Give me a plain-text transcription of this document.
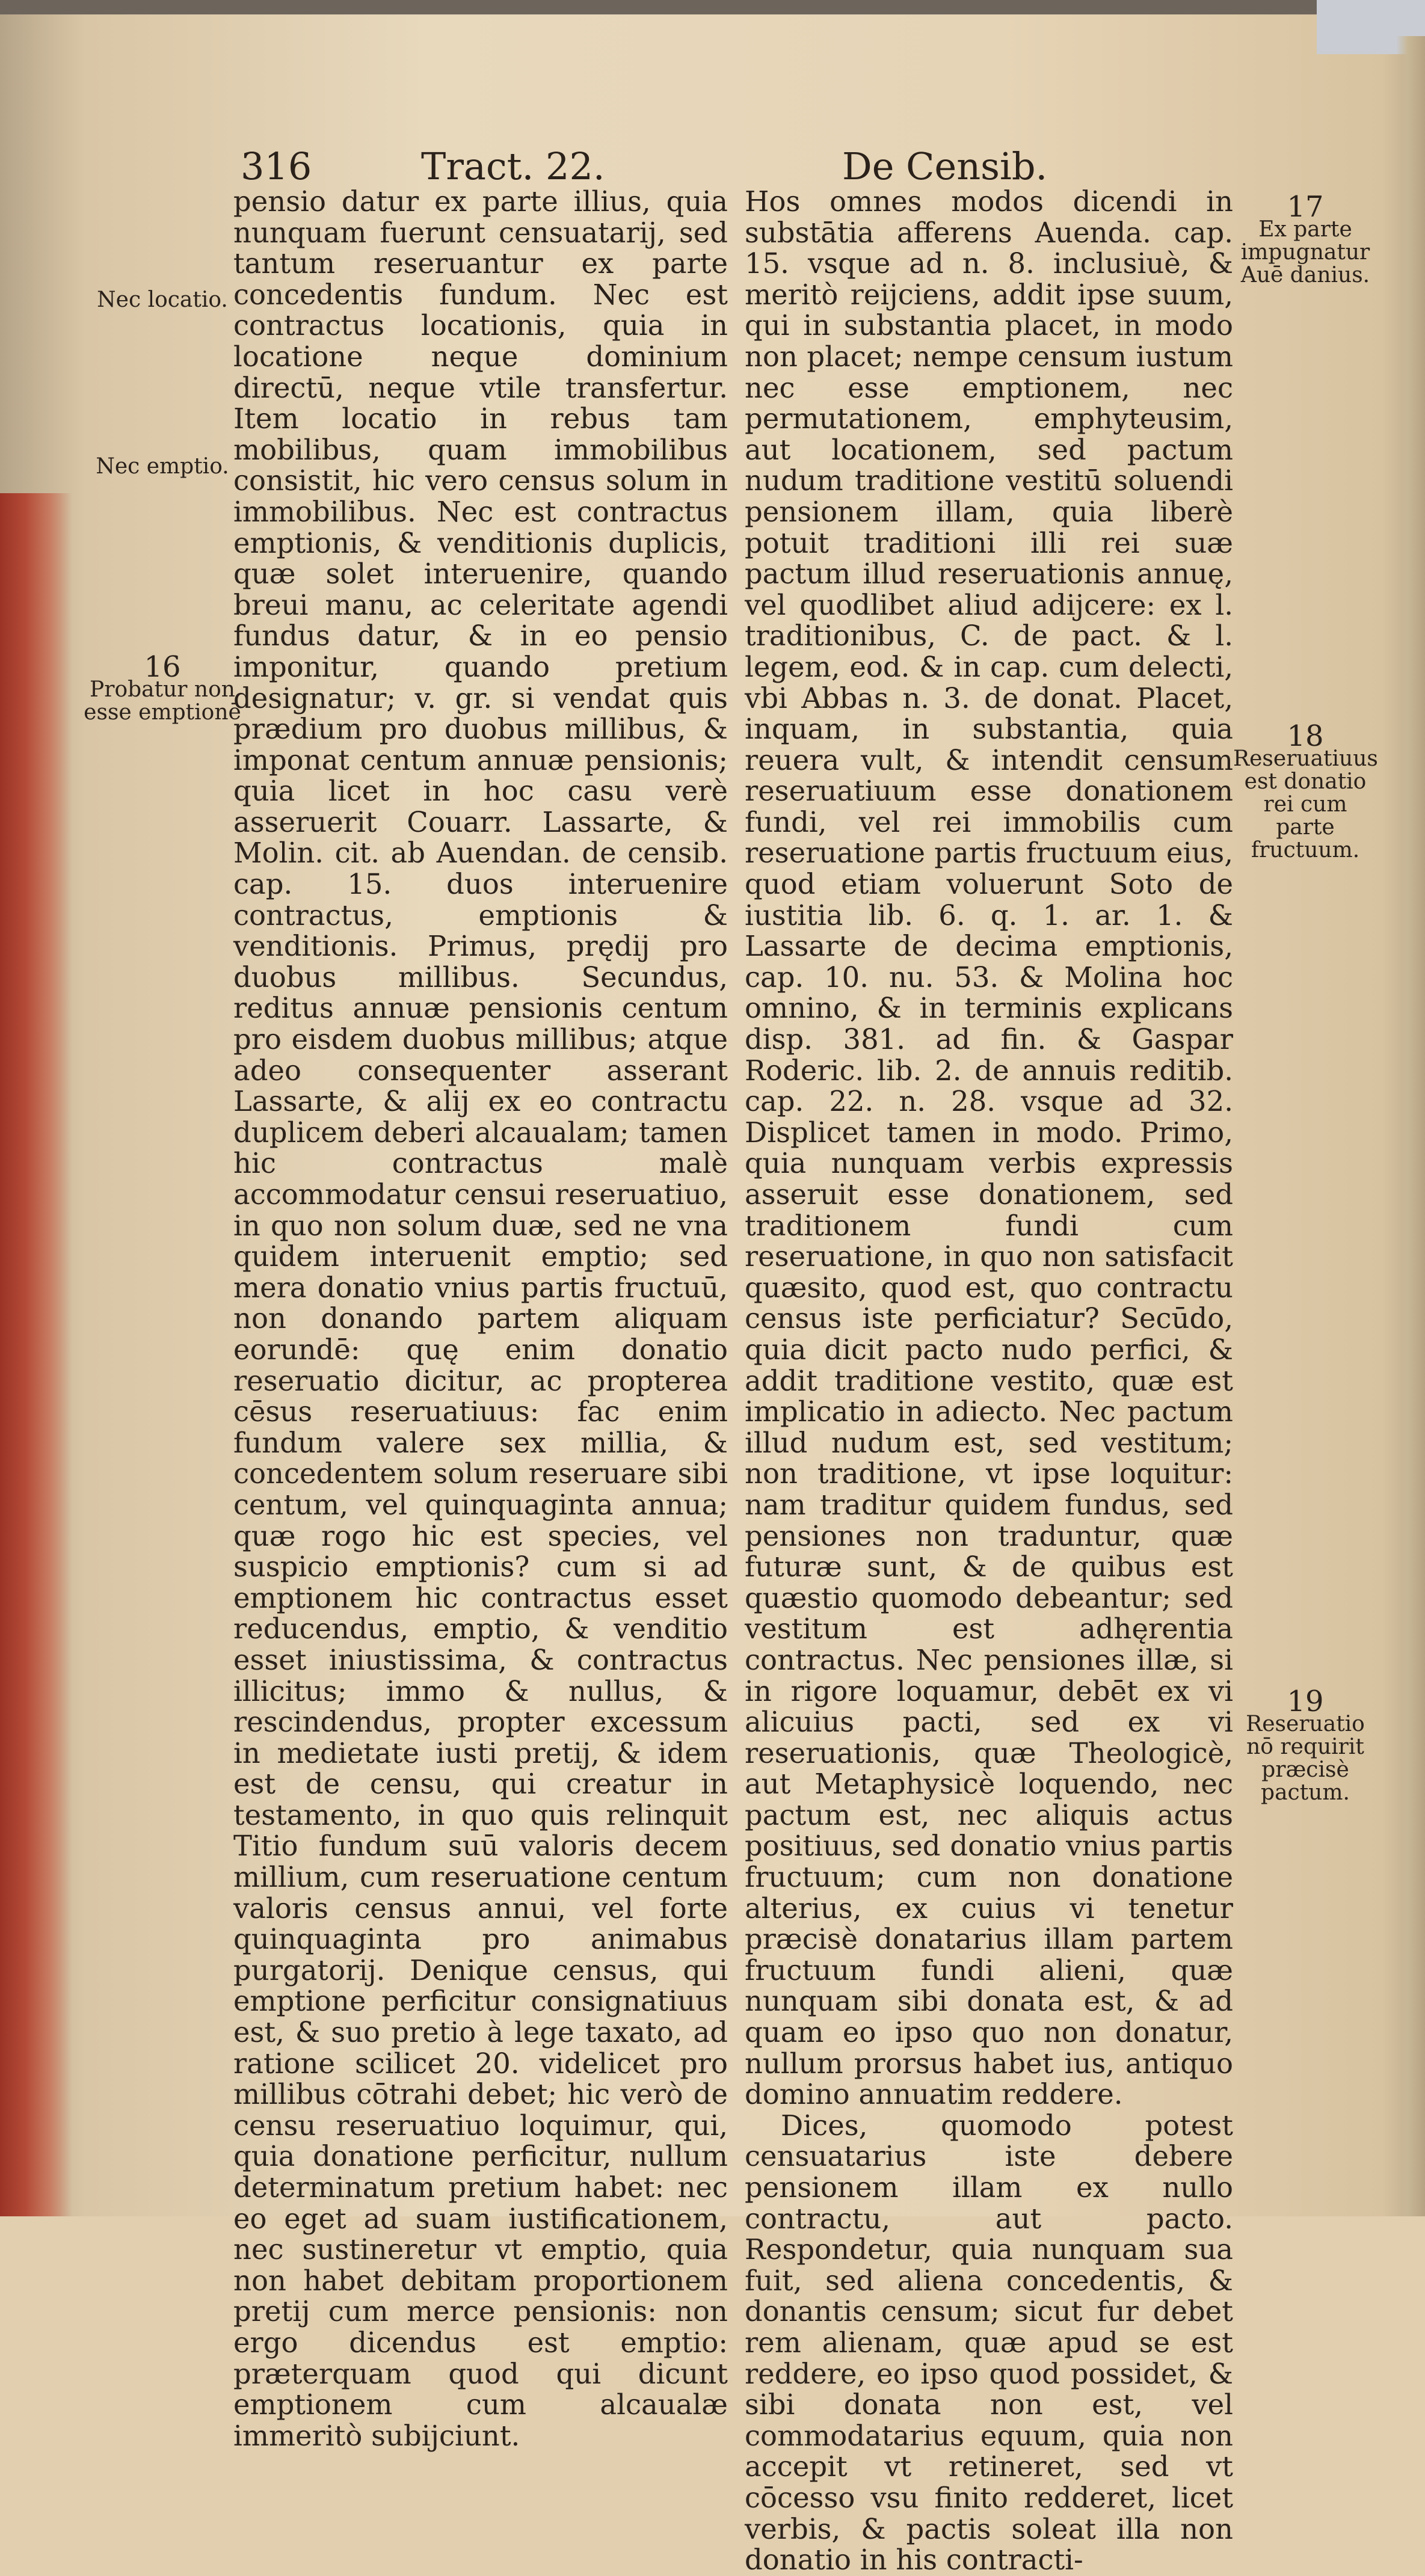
316	Tract. 22.	De Censib.

pensio datur ex parte illius, quia nunquam fuerunt censuatarij, sed tantum reseruantur ex parte concedentis fundum. Nec est contractus locationis, quia in locatione neque dominium directū, neque vtile transfertur. Item locatio in rebus tam mobilibus, quam immobilibus consistit, hic vero census solum in immobilibus. Nec est contractus emptionis, & venditionis duplicis, quæ solet interuenire, quando breui manu, ac celeritate agendi fundus datur, & in eo pensio imponitur, quando pretium designatur; v. gr. si vendat quis prædium pro duobus millibus, & imponat centum annuæ pensionis; quia licet in hoc casu verè asseruerit Couarr. Lassarte, & Molin. cit. ab Auendan. de censib. cap. 15. duos interuenire contractus, emptionis & venditionis. Primus, prędij pro duobus millibus. Secundus, reditus annuæ pensionis centum pro eisdem duobus millibus; atque adeo consequenter asserant Lassarte, & alij ex eo contractu duplicem deberi alcaualam; tamen hic contractus malè accommodatur censui reseruatiuo, in quo non solum duæ, sed ne vna quidem interuenit emptio; sed mera donatio vnius partis fructuū, non donando partem aliquam eorundē: quę enim donatio reseruatio dicitur, ac propterea cēsus reseruatiuus: fac enim fundum valere sex millia, & concedentem solum reseruare sibi centum, vel quinquaginta annua; quæ rogo hic est species, vel suspicio emptionis? cum si ad emptionem hic contractus esset reducendus, emptio, & venditio esset iniustissima, & contractus illicitus; immo & nullus, & rescindendus, propter excessum in medietate iusti pretij, & idem est de censu, qui creatur in testamento, in quo quis relinquit Titio fundum suū valoris decem millium, cum reseruatione centum valoris census annui, vel forte quinquaginta pro animabus purgatorij. Denique census, qui emptione perficitur consignatiuus est, & suo pretio à lege taxato, ad ratione scilicet 20. videlicet pro millibus cōtrahi debet; hic verò de censu reseruatiuo loquimur, qui, quia donatione perficitur, nullum determinatum pretium habet: nec eo eget ad suam iustificationem, nec sustineretur vt emptio, quia non habet debitam proportionem pretij cum merce pensionis: non ergo dicendus est emptio: præterquam quod qui dicunt emptionem cum alcaualæ immeritò subijciunt.

Hos omnes modos dicendi in substātia afferens Auenda. cap. 15. vsque ad n. 8. inclusiuè, & meritò reijciens, addit ipse suum, qui in substantia placet, in modo non placet; nempe censum iustum nec esse emptionem, nec permutationem, emphyteusim, aut locationem, sed pactum nudum traditione vestitū soluendi pensionem illam, quia liberè potuit traditioni illi rei suæ pactum illud reseruationis annuę, vel quodlibet aliud adijcere: ex l. traditionibus, C. de pact. & l. legem, eod. & in cap. cum delecti, vbi Abbas n. 3. de donat. Placet, inquam, in substantia, quia reuera vult, & intendit censum reseruatiuum esse donationem fundi, vel rei immobilis cum reseruatione partis fructuum eius, quod etiam voluerunt Soto de iustitia lib. 6. q. 1. ar. 1. & Lassarte de decima emptionis, cap. 10. nu. 53. & Molina hoc omnino, & in terminis explicans disp. 381. ad fin. & Gaspar Roderic. lib. 2. de annuis reditib. cap. 22. n. 28. vsque ad 32. Displicet tamen in modo. Primo, quia nunquam verbis expressis asseruit esse donationem, sed traditionem fundi cum reseruatione, in quo non satisfacit quæsito, quod est, quo contractu census iste perficiatur? Secūdo, quia dicit pacto nudo perfici, & addit traditione vestito, quæ est implicatio in adiecto. Nec pactum illud nudum est, sed vestitum; non traditione, vt ipse loquitur: nam traditur quidem fundus, sed pensiones non traduntur, quæ futuræ sunt, & de quibus est quæstio quomodo debeantur; sed vestitum est adhęrentia contractus. Nec pensiones illæ, si in rigore loquamur, debēt ex vi alicuius pacti, sed ex vi reseruationis, quæ Theologicè, aut Metaphysicè loquendo, nec pactum est, nec aliquis actus positiuus, sed donatio vnius partis fructuum; cum non donatione alterius, ex cuius vi tenetur præcisè donatarius illam partem fructuum fundi alieni, quæ nunquam sibi donata est, & ad quam eo ipso quo non donatur, nullum prorsus habet ius, antiquo domino annuatim reddere.

Dices, quomodo potest censuatarius iste debere pensionem illam ex nullo contractu, aut pacto. Respondetur, quia nunquam sua fuit, sed aliena concedentis, & donantis censum; sicut fur debet rem alienam, quæ apud se est reddere, eo ipso quod possidet, & sibi donata non est, vel commodatarius equum, quia non accepit vt retineret, sed vt cōcesso vsu finito redderet, licet verbis, & pactis soleat illa non donatio in his contracti-

Nec locatio.
Nec emptio.
16
Probatur non esse emptionē
17
Ex parte impugnatur Auē danius.
18
Reseruatiuus est donatio rei cum parte fructuum.
19
Reseruatio nō requirit præcisè pactum.
